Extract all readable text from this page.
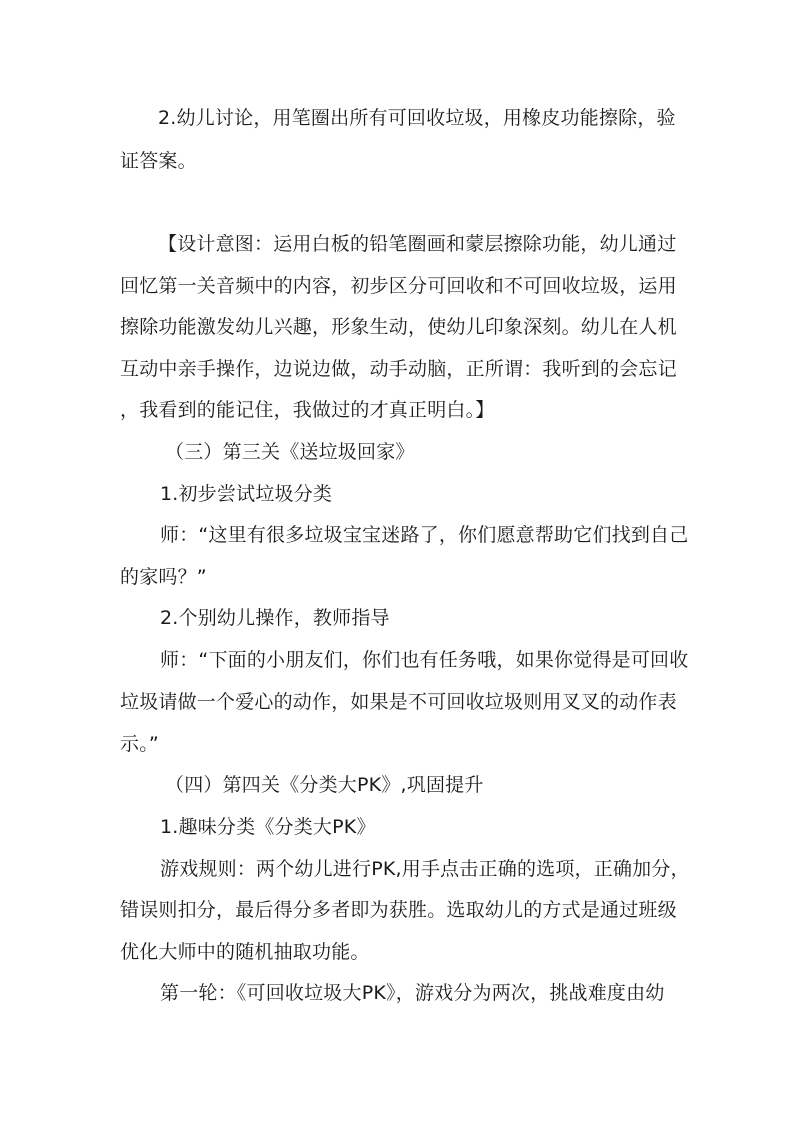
2.幼儿讨论，用笔圈出所有可回收垃圾，用橡皮功能擦除，验
证答案。
【设计意图：运用白板的铅笔圈画和蒙层擦除功能，幼儿通过
回忆第一关音频中的内容，初步区分可回收和不可回收垃圾，运用
擦除功能激发幼儿兴趣，形象生动，使幼儿印象深刻。幼儿在人机
互动中亲手操作，边说边做，动手动脑，正所谓：我听到的会忘记
，我看到的能记住，我做过的才真正明白。】
（三）第三关《送垃圾回家》
1.初步尝试垃圾分类
师：“这里有很多垃圾宝宝迷路了，你们愿意帮助它们找到自己
的家吗？”
2.个别幼儿操作，教师指导
师：“下面的小朋友们，你们也有任务哦，如果你觉得是可回收
垃圾请做一个爱心的动作，如果是不可回收垃圾则用叉叉的动作表
示。”
（四）第四关《分类大PK》,巩固提升
1.趣味分类《分类大PK》
游戏规则：两个幼儿进行PK,用手点击正确的选项，正确加分，
错误则扣分，最后得分多者即为获胜。选取幼儿的方式是通过班级
优化大师中的随机抽取功能。
第一轮：《可回收垃圾大PK》，游戏分为两次，挑战难度由幼
